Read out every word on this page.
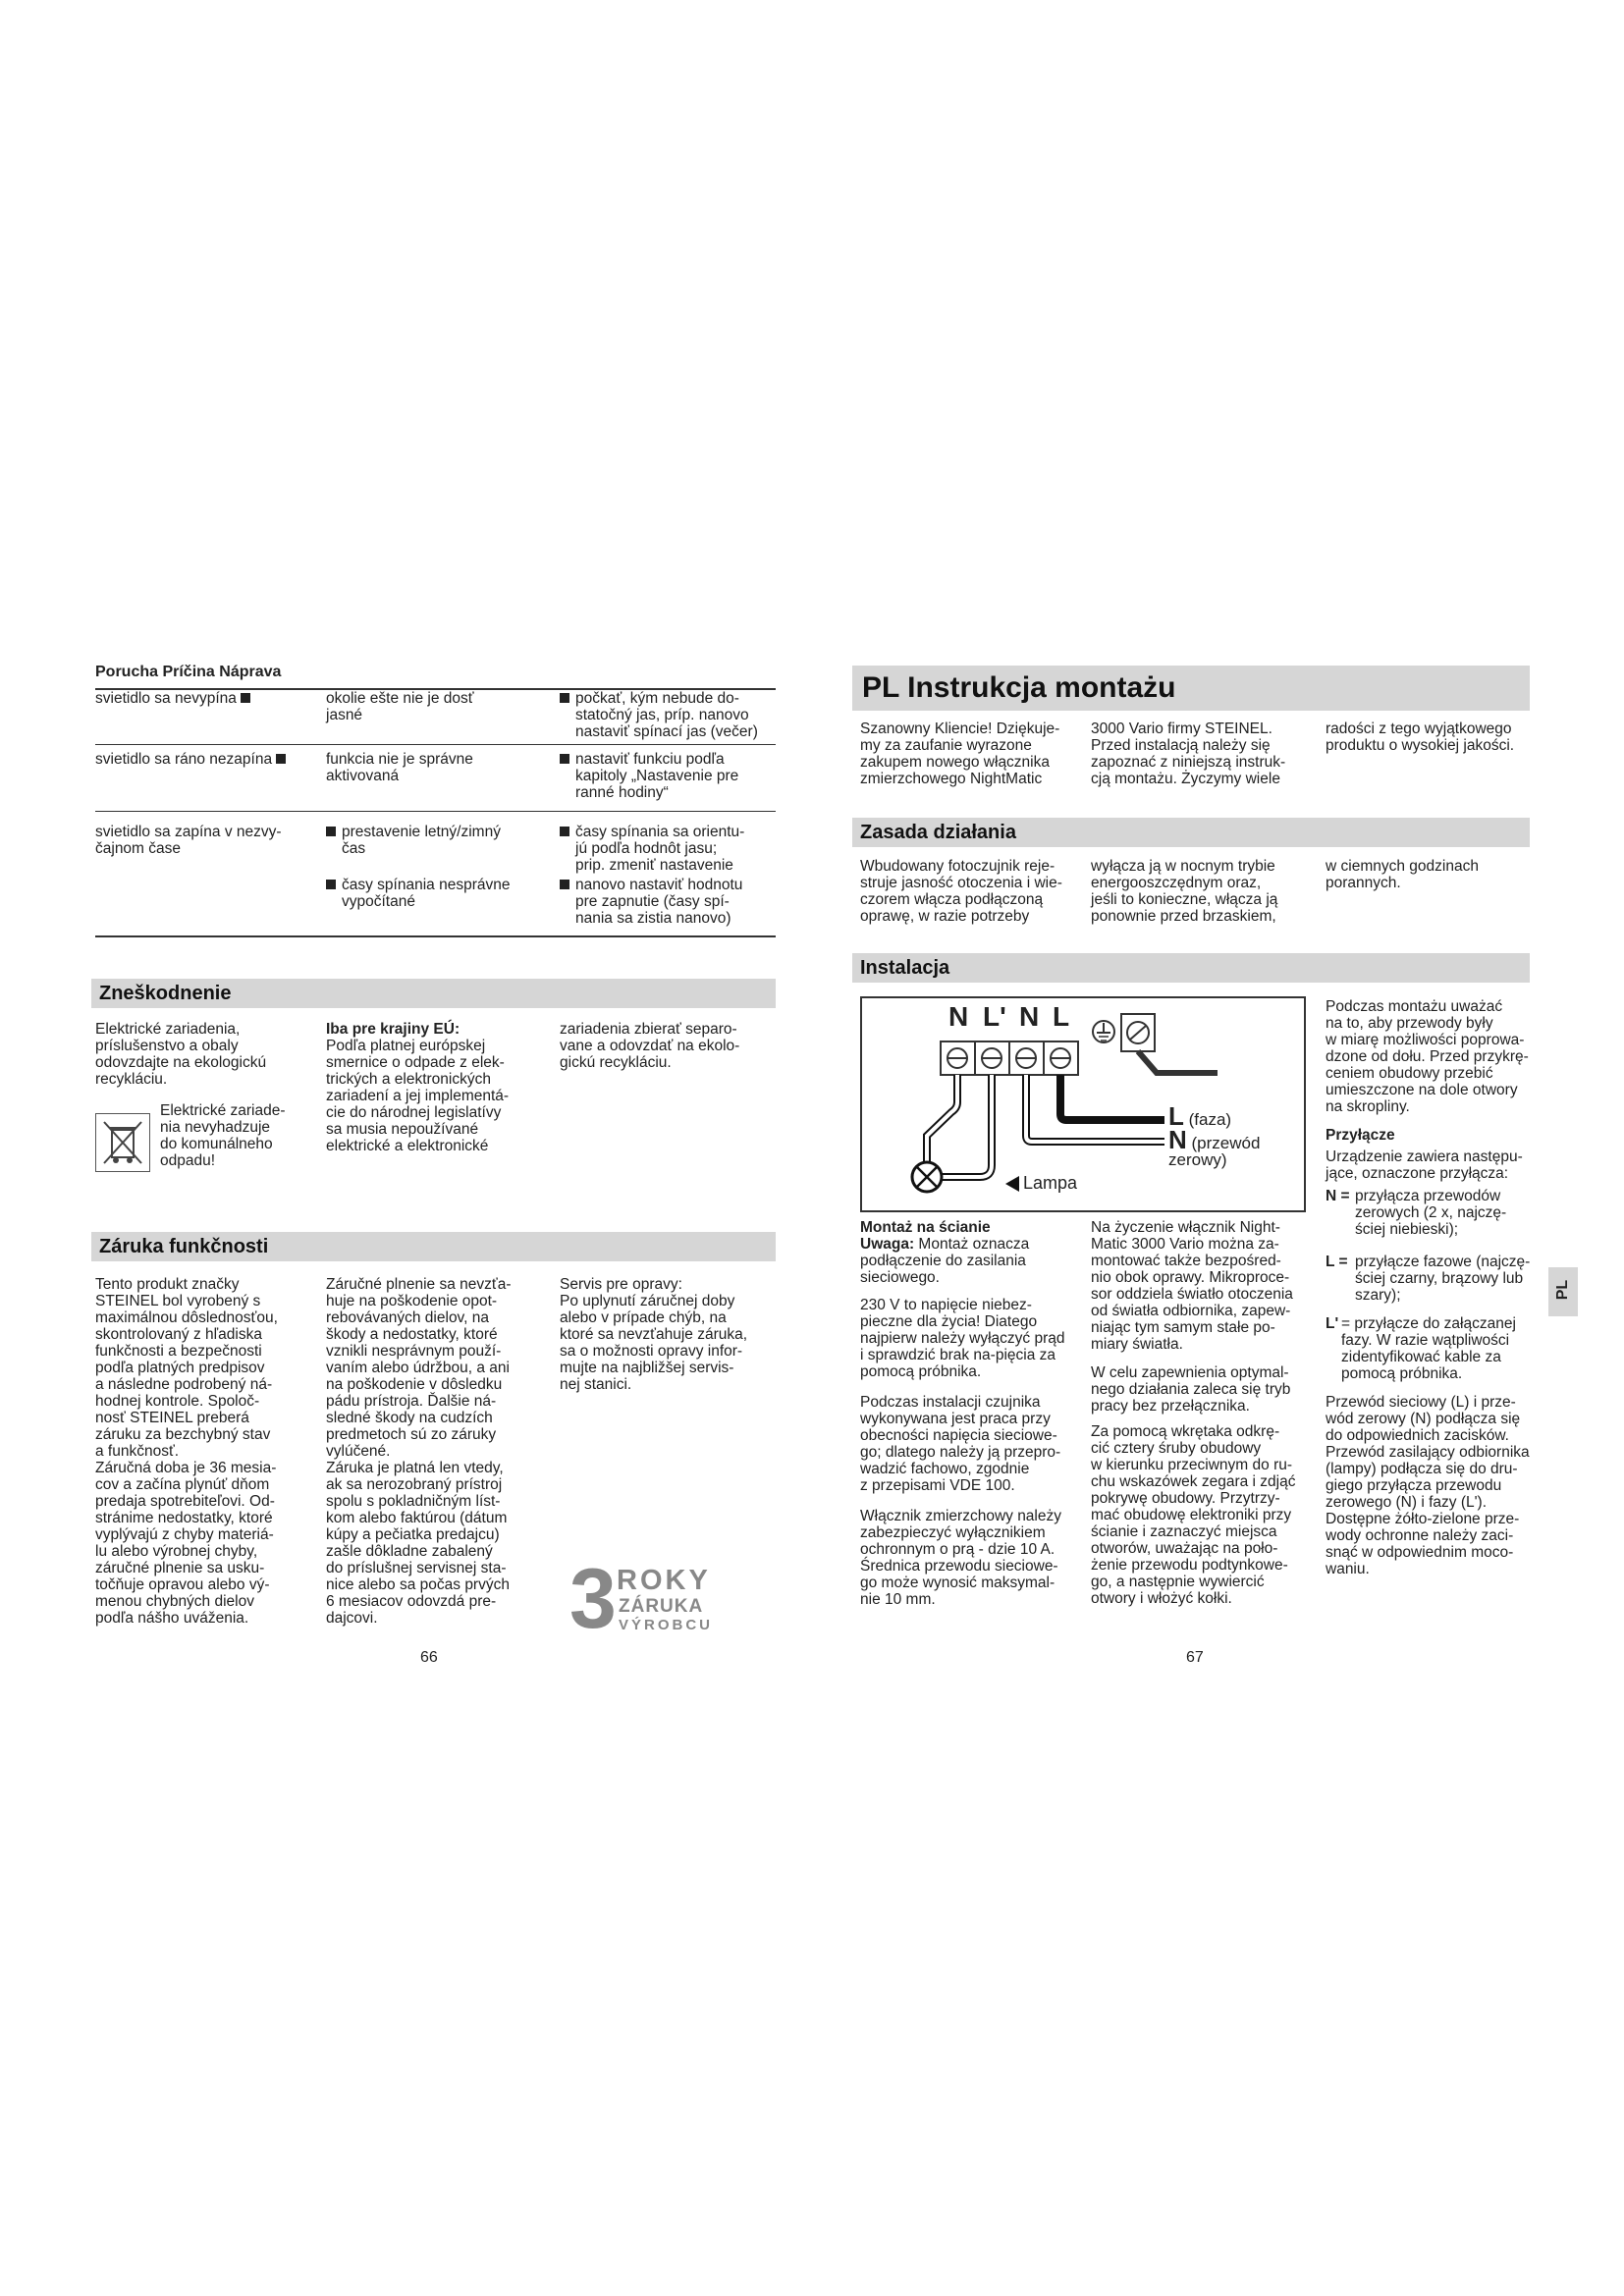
Porucha Príčina Náprava
svietidlo sa nevypína	okolie ešte nie je dosť
jasné
počkať, kým nebude do-
statočný jas, príp. nanovo
nastaviť spínací jas (večer)
svietidlo sa ráno nezapína	funkcia nie je správne
aktivovaná
nastaviť funkciu podľa
kapitoly „Nastavenie pre
ranné hodiny“
svietidlo sa zapína v nezvy-
čajnom čase
prestavenie letný/zimný
čas
časy spínania sa orientu-
jú podľa hodnôt jasu;
prip. zmeniť nastavenie
časy spínania nesprávne
vypočítané
nanovo nastaviť hodnotu
pre zapnutie (časy spí-
nania sa zistia nanovo)
Zneškodnenie
Elektrické zariadenia,
príslušenstvo a obaly
odovzdajte na ekologickú
recykláciu.
Elektrické zariade-
nia nevyhadzuje
do komunálneho
odpadu!
Iba pre krajiny EÚ:
Podľa platnej európskej
smernice o odpade z elek-
trických a elektronických
zariadení a jej implementá-
cie do národnej legislatívy
sa musia nepoužívané
elektrické a elektronické
zariadenia zbierať separo-
vane a odovzdať na ekolo-
gickú recykláciu.
Záruka funkčnosti
Tento produkt značky
STEINEL bol vyrobený s
maximálnou dôslednosťou,
skontrolovaný z hľadiska
funkčnosti a bezpečnosti
podľa platných predpisov
a následne podrobený ná-
hodnej kontrole. Spoloč-
nosť STEINEL preberá
záruku za bezchybný stav
a funkčnosť.
Záručná doba je 36 mesia-
cov a začína plynúť dňom
predaja spotrebiteľovi. Od-
stránime nedostatky, ktoré
vyplývajú z chyby materiá-
lu alebo výrobnej chyby,
záručné plnenie sa usku-
točňuje opravou alebo vý-
menou chybných dielov
podľa nášho uváženia.
Záručné plnenie sa nevzťa-
huje na poškodenie opot-
rebovávaných dielov, na
škody a nedostatky, ktoré
vznikli nesprávnym použí-
vaním alebo údržbou, a ani
na poškodenie v dôsledku
pádu prístroja. Ďalšie ná-
sledné škody na cudzích
predmetoch sú zo záruky
vylúčené.
Záruka je platná len vtedy,
ak sa nerozobraný prístroj
spolu s pokladničným líst-
kom alebo faktúrou (dátum
kúpy a pečiatka predajcu)
zašle dôkladne zabalený
do príslušnej servisnej sta-
nice alebo sa počas prvých
6 mesiacov odovzdá pre-
dajcovi.
Servis pre opravy:
Po uplynutí záručnej doby
alebo v prípade chýb, na
ktoré sa nevzťahuje záruka,
sa o možnosti opravy infor-
mujte na najbližšej servis-
nej stanici.
3 ROKY
ZÁRUKA
VÝROBCU
66
PL Instrukcja montażu
Szanowny Kliencie! Dziękuje-
my za zaufanie wyrazone
zakupem nowego włącznika
zmierzchowego NightMatic
3000 Vario firmy STEINEL.
Przed instalacją należy się
zapoznać z niniejszą instruk-
cją montażu. Życzymy wiele
radości z tego wyjątkowego
produktu o wysokiej jakości.
Zasada działania
Wbudowany fotoczujnik reje-
struje jasność otoczenia i wie-
czorem włącza podłączoną
oprawę, w razie potrzeby
wyłącza ją w nocnym trybie
energooszczędnym oraz,
jeśli to konieczne, włącza ją
ponownie przed brzaskiem,
w ciemnych godzinach
porannych.
Instalacja
N L' N L
L (faza)
N (przewód
zerowy)
Lampa
Podczas montażu uważać
na to, aby przewody były
w miarę możliwości poprowa-
dzone od dołu. Przed przykrę-
ceniem obudowy przebić
umieszczone na dole otwory
na skropliny.
Przyłącze
Urządzenie zawiera następu-
jące, oznaczone przyłącza:
N = przyłącza przewodów
zerowych (2 x, najczę-
ściej niebieski);
L = przyłącze fazowe (najczę-
ściej czarny, brązowy lub
szary);
L' = przyłącze do załączanej
fazy. W razie wątpliwości
zidentyfikować kable za
pomocą próbnika.
Przewód sieciowy (L) i prze-
wód zerowy (N) podłącza się
do odpowiednich zacisków.
Przewód zasilający odbiornika
(lampy) podłącza się do dru-
giego przyłącza przewodu
zerowego (N) i fazy (L').
Dostępne żółto-zielone prze-
wody ochronne należy zaci-
snąć w odpowiednim moco-
waniu.
Montaż na ścianie
Uwaga: Montaż oznacza
podłączenie do zasilania
sieciowego.
230 V to napięcie niebez-
pieczne dla życia! Diatego
najpierw należy wyłączyć prąd
i sprawdzić brak na-pięcia za
pomocą próbnika.
Podczas instalacji czujnika
wykonywana jest praca przy
obecności napięcia sieciowe-
go; dlatego należy ją przepro-
wadzić fachowo, zgodnie
z przepisami VDE 100.
Włącznik zmierzchowy należy
zabezpieczyć wyłącznikiem
ochronnym o prą - dzie 10 A.
Średnica przewodu sieciowe-
go może wynosić maksymal-
nie 10 mm.
Na życzenie włącznik Night-
Matic 3000 Vario można za-
montować także bezpośred-
nio obok oprawy. Mikroproce-
sor oddziela światło otoczenia
od światła odbiornika, zapew-
niając tym samym stałe po-
miary światła.
W celu zapewnienia optymal-
nego działania zaleca się tryb
pracy bez przełącznika.
Za pomocą wkrętaka odkrę-
cić cztery śruby obudowy
w kierunku przeciwnym do ru-
chu wskazówek zegara i zdjąć
pokrywę obudowy. Przytrzy-
mać obudowę elektroniki przy
ścianie i zaznaczyć miejsca
otworów, uważając na poło-
żenie przewodu podtynkowe-
go, a następnie wywiercić
otwory i włożyć kołki.
PL
67
